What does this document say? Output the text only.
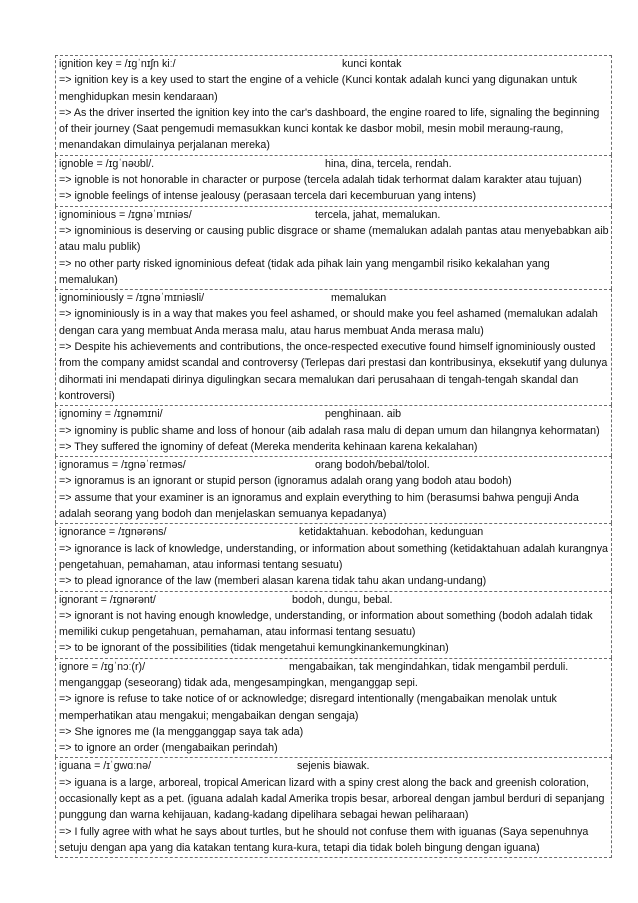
ignition key = /ɪɡˈnɪʃn kiː/	kunci kontak
=> ignition key is a key used to start the engine of a vehicle (Kunci kontak adalah kunci yang digunakan untuk menghidupkan mesin kendaraan)
=> As the driver inserted the ignition key into the car's dashboard, the engine roared to life, signaling the beginning of their journey (Saat pengemudi memasukkan kunci kontak ke dasbor mobil, mesin mobil meraung-raung, menandakan dimulainya perjalanan mereka)
ignoble = /ɪɡˈnəʊbl/.	hina, dina, tercela, rendah.
=> ignoble is not honorable in character or purpose (tercela adalah tidak terhormat dalam karakter atau tujuan)
=> ignoble feelings of intense jealousy (perasaan tercela dari kecemburuan yang intens)
ignominious = /ɪɡnəˈmɪniəs/	tercela, jahat, memalukan.
=> ignominious is deserving or causing public disgrace or shame (memalukan adalah pantas atau menyebabkan aib atau malu publik)
=> no other party risked ignominious defeat (tidak ada pihak lain yang mengambil risiko kekalahan yang memalukan)
ignominiously = /ɪɡnəˈmɪniəsli/	memalukan
=> ignominiously is in a way that makes you feel ashamed, or should make you feel ashamed (memalukan adalah dengan cara yang membuat Anda merasa malu, atau harus membuat Anda merasa malu)
=> Despite his achievements and contributions, the once-respected executive found himself ignominiously ousted from the company amidst scandal and controversy (Terlepas dari prestasi dan kontribusinya, eksekutif yang dulunya dihormati ini mendapati dirinya digulingkan secara memalukan dari perusahaan di tengah-tengah skandal dan kontroversi)
ignominy = /ɪɡnəmɪni/	penghinaan. aib
=> ignominy is public shame and loss of honour (aib adalah rasa malu di depan umum dan hilangnya kehormatan)
=> They suffered the ignominy of defeat (Mereka menderita kehinaan karena kekalahan)
ignoramus = /ɪɡnəˈreɪməs/	orang bodoh/bebal/tolol.
=> ignoramus is an ignorant or stupid person (ignoramus adalah orang yang bodoh atau bodoh)
=> assume that your examiner is an ignoramus and explain everything to him (berasumsi bahwa penguji Anda adalah seorang yang bodoh dan menjelaskan semuanya kepadanya)
ignorance = /ɪɡnərəns/	ketidaktahuan. kebodohan, kedunguan
=> ignorance is lack of knowledge, understanding, or information about something (ketidaktahuan adalah kurangnya pengetahuan, pemahaman, atau informasi tentang sesuatu)
=> to plead ignorance of the law (memberi alasan karena tidak tahu akan undang-undang)
ignorant = /ɪɡnərənt/	bodoh, dungu, bebal.
=> ignorant is not having enough knowledge, understanding, or information about something (bodoh adalah tidak memiliki cukup pengetahuan, pemahaman, atau informasi tentang sesuatu)
=> to be ignorant of the possibilities (tidak mengetahui kemungkinankemungkinan)
ignore = /ɪɡˈnɔː(r)/	mengabaikan, tak mengindahkan, tidak mengambil perduli.
menganggap (seseorang) tidak ada, mengesampingkan, menganggap sepi.
=> ignore is refuse to take notice of or acknowledge; disregard intentionally (mengabaikan menolak untuk memperhatikan atau mengakui; mengabaikan dengan sengaja)
=> She ignores me (Ia mengganggap saya tak ada)
=> to ignore an order (mengabaikan perindah)
iguana = /ɪˈɡwɑːnə/	sejenis biawak.
=> iguana is a large, arboreal, tropical American lizard with a spiny crest along the back and greenish coloration, occasionally kept as a pet. (iguana adalah kadal Amerika tropis besar, arboreal dengan jambul berduri di sepanjang punggung dan warna kehijauan, kadang-kadang dipelihara sebagai hewan peliharaan)
=> I fully agree with what he says about turtles, but he should not confuse them with iguanas (Saya sepenuhnya setuju dengan apa yang dia katakan tentang kura-kura, tetapi dia tidak boleh bingung dengan iguana)
